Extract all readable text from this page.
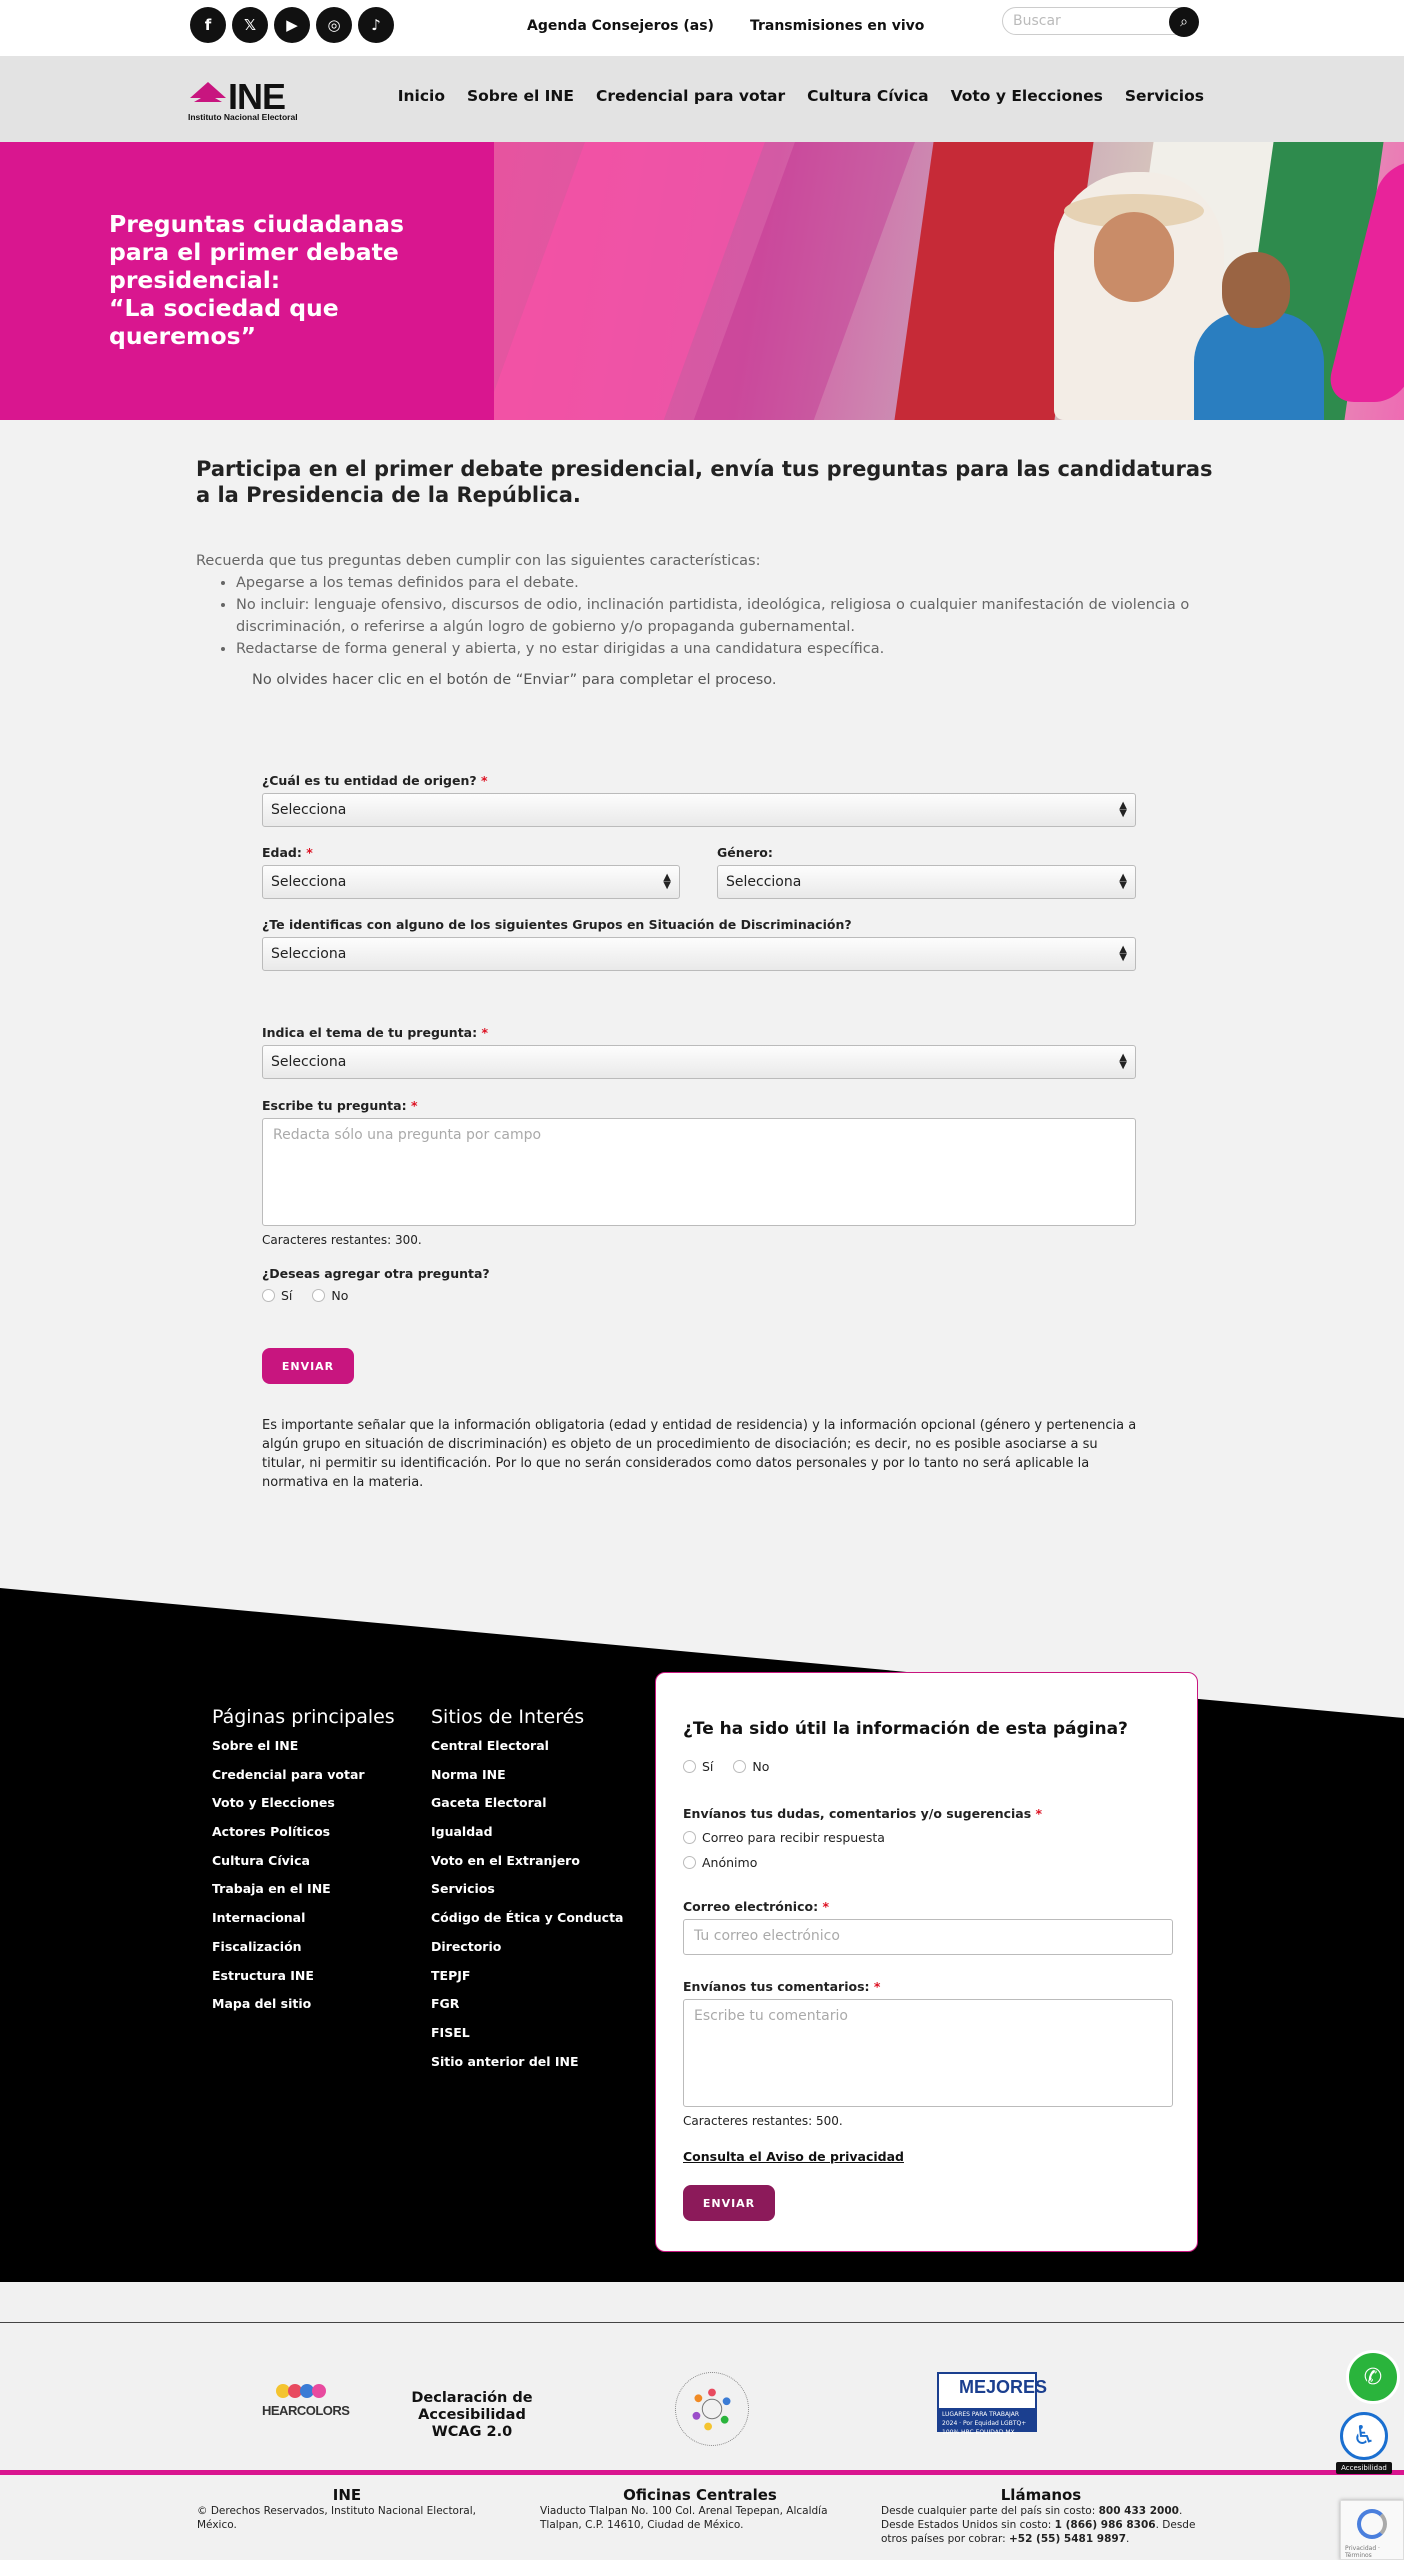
f	𝕏	▶	◎	♪	Agenda Consejeros (as)	Transmisiones en vivo
Buscar	⌕
INE
Instituto Nacional Electoral
Inicio Sobre el INE Credencial para votar Cultura Cívica Voto y Elecciones Servicios
Preguntas ciudadanas
para el primer debate
presidencial:
“La sociedad que
queremos”
Participa en el primer debate presidencial, envía tus preguntas para las candidaturas a la Presidencia de la República.
Recuerda que tus preguntas deben cumplir con las siguientes características:
• Apegarse a los temas definidos para el debate.
• No incluir: lenguaje ofensivo, discursos de odio, inclinación partidista, ideológica, religiosa o cualquier manifestación de violencia o discriminación, o referirse a algún logro de gobierno y/o propaganda gubernamental.
• Redactarse de forma general y abierta, y no estar dirigidas a una candidatura específica.
No olvides hacer clic en el botón de “Enviar” para completar el proceso.
¿Cuál es tu entidad de origen? *
Selecciona	▲
▼
Edad: *
Selecciona	▲
▼
Género:
Selecciona	▲
▼
¿Te identificas con alguno de los siguientes Grupos en Situación de Discriminación?
Selecciona	▲
▼
Indica el tema de tu pregunta: *
Selecciona	▲
▼
Escribe tu pregunta: *
Redacta sólo una pregunta por campo
Caracteres restantes: 300.
¿Deseas agregar otra pregunta?
Sí	No
ENVIAR
Es importante señalar que la información obligatoria (edad y entidad de residencia) y la información opcional (género y pertenencia a algún grupo en situación de discriminación) es objeto de un procedimiento de disociación; es decir, no es posible asociarse a su titular, ni permitir su identificación. Por lo que no serán considerados como datos personales y por lo tanto no será aplicable la normativa en la materia.
Páginas principales
Sobre el INE
Credencial para votar
Voto y Elecciones
Actores Políticos
Cultura Cívica
Trabaja en el INE
Internacional
Fiscalización
Estructura INE
Mapa del sitio
Sitios de Interés
Central Electoral
Norma INE
Gaceta Electoral
Igualdad
Voto en el Extranjero
Servicios
Código de Ética y Conducta
Directorio
TEPJF
FGR
FISEL
Sitio anterior del INE
¿Te ha sido útil la información de esta página?
Sí	No
Envíanos tus dudas, comentarios y/o sugerencias *
Correo para recibir respuesta
Anónimo
Correo electrónico: *
Tu correo electrónico
Envíanos tus comentarios: *
Escribe tu comentario
Caracteres restantes: 500.
Consulta el Aviso de privacidad
ENVIAR
HEARCOLORS
Declaración de Accesibilidad
WCAG 2.0
MEJORES
LUGARES PARA TRABAJAR
2024 · Por Equidad LGBTQ+
100% HRC EQUIDAD MX
INE
© Derechos Reservados, Instituto Nacional Electoral, México.
Oficinas Centrales
Viaducto Tlalpan No. 100 Col. Arenal Tepepan, Alcaldía Tlalpan, C.P. 14610, Ciudad de México.
Llámanos
Desde cualquier parte del país sin costo: 800 433 2000.
Desde Estados Unidos sin costo: 1 (866) 986 8306. Desde otros países por cobrar: +52 (55) 5481 9897.
✆
♿
Accesibilidad
Privacidad · Términos
